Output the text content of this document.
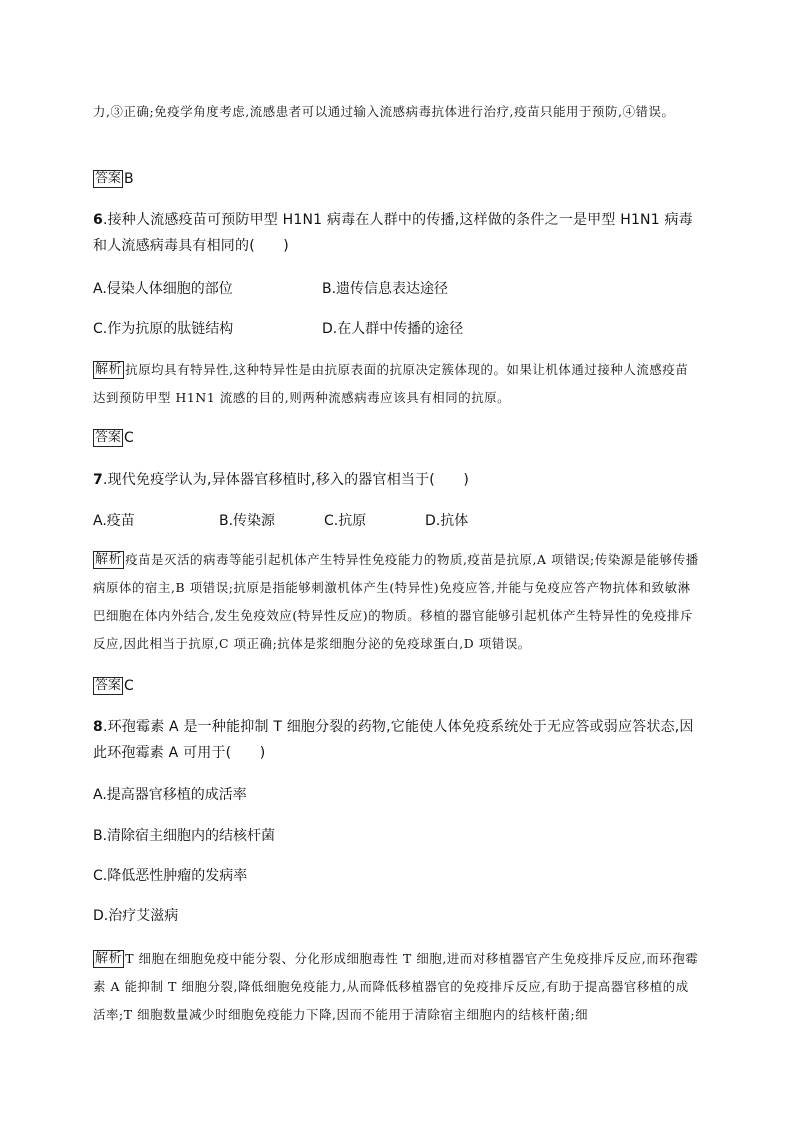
力,③正确;免疫学角度考虑,流感患者可以通过输入流感病毒抗体进行治疗,疫苗只能用于预防,④错误。
答案 B
6.接种人流感疫苗可预防甲型 H1N1 病毒在人群中的传播,这样做的条件之一是甲型 H1N1 病毒和人流感病毒具有相同的(　　)
A.侵染人体细胞的部位	B.遗传信息表达途径
C.作为抗原的肽链结构	D.在人群中传播的途径
解析 抗原均具有特异性,这种特异性是由抗原表面的抗原决定簇体现的。如果让机体通过接种人流感疫苗达到预防甲型 H1N1 流感的目的,则两种流感病毒应该具有相同的抗原。
答案 C
7.现代免疫学认为,异体器官移植时,移入的器官相当于(　　)
A.疫苗	B.传染源	C.抗原	D.抗体
解析 疫苗是灭活的病毒等能引起机体产生特异性免疫能力的物质,疫苗是抗原,A 项错误;传染源是能够传播病原体的宿主,B 项错误;抗原是指能够刺激机体产生(特异性)免疫应答,并能与免疫应答产物抗体和致敏淋巴细胞在体内外结合,发生免疫效应(特异性反应)的物质。移植的器官能够引起机体产生特异性的免疫排斥反应,因此相当于抗原,C 项正确;抗体是浆细胞分泌的免疫球蛋白,D 项错误。
答案 C
8.环孢霉素 A 是一种能抑制 T 细胞分裂的药物,它能使人体免疫系统处于无应答或弱应答状态,因此环孢霉素 A 可用于(　　)
A.提高器官移植的成活率
B.清除宿主细胞内的结核杆菌
C.降低恶性肿瘤的发病率
D.治疗艾滋病
解析 T 细胞在细胞免疫中能分裂、分化形成细胞毒性 T 细胞,进而对移植器官产生免疫排斥反应,而环孢霉素 A 能抑制 T 细胞分裂,降低细胞免疫能力,从而降低移植器官的免疫排斥反应,有助于提高器官移植的成活率;T 细胞数量减少时细胞免疫能力下降,因而不能用于清除宿主细胞内的结核杆菌;细
